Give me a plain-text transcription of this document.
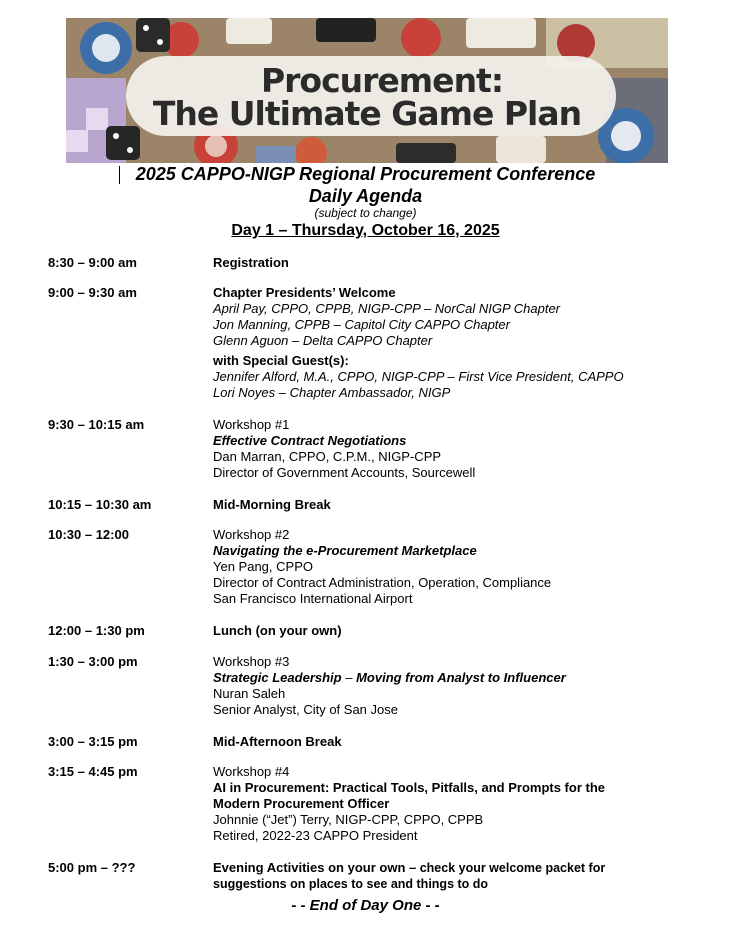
Procurement:
The Ultimate Game Plan
2025 CAPPO-NIGP Regional Procurement Conference
Daily Agenda
(subject to change)
Day 1 – Thursday, October 16, 2025
8:30 – 9:00 am	Registration
9:00 – 9:30 am	Chapter Presidents’ Welcome
April Pay, CPPO, CPPB, NIGP-CPP – NorCal NIGP Chapter
Jon Manning, CPPB – Capitol City CAPPO Chapter
Glenn Aguon – Delta CAPPO Chapter
with Special Guest(s):
Jennifer Alford, M.A., CPPO, NIGP-CPP – First Vice President, CAPPO
Lori Noyes – Chapter Ambassador, NIGP
9:30 – 10:15 am	Workshop #1
Effective Contract Negotiations
Dan Marran, CPPO, C.P.M., NIGP-CPP
Director of Government Accounts, Sourcewell
10:15 – 10:30 am	Mid-Morning Break
10:30 – 12:00	Workshop #2
Navigating the e-Procurement Marketplace
Yen Pang, CPPO
Director of Contract Administration, Operation, Compliance
San Francisco International Airport
12:00 – 1:30 pm	Lunch (on your own)
1:30 – 3:00 pm	Workshop #3
Strategic Leadership – Moving from Analyst to Influencer
Nuran Saleh
Senior Analyst, City of San Jose
3:00 – 3:15 pm	Mid-Afternoon Break
3:15 – 4:45 pm	Workshop #4
AI in Procurement: Practical Tools, Pitfalls, and Prompts for the
Modern Procurement Officer
Johnnie (“Jet”) Terry, NIGP-CPP, CPPO, CPPB
Retired, 2022-23 CAPPO President
5:00 pm – ???	Evening Activities on your own – check your welcome packet for
suggestions on places to see and things to do
- - End of Day One - -
